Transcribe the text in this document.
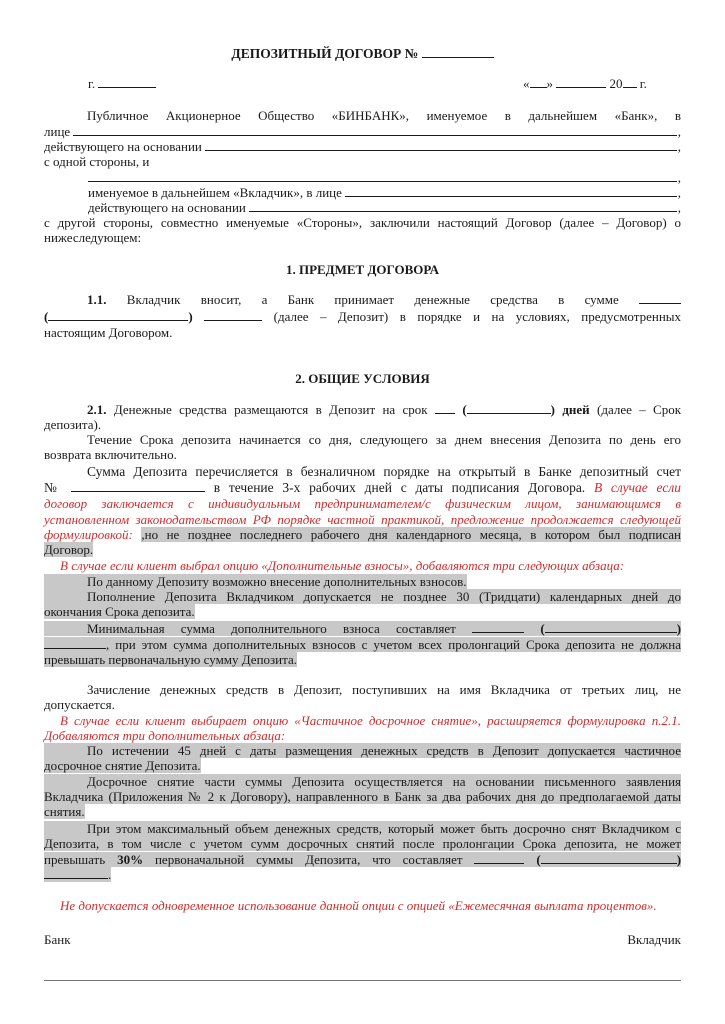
ДЕПОЗИТНЫЙ ДОГОВОР №
г.	« »	20 г.
Публичное Акционерное Общество «БИНБАНК», именуемое в дальнейшем «Банк», в
лице	,
действующего на основании	,
с одной стороны, и
,
именуемое в дальнейшем «Вкладчик», в лице	,
действующего на основании	,
с другой стороны, совместно именуемые «Стороны», заключили настоящий Договор (далее – Договор) о
нижеследующем:
1. ПРЕДМЕТ ДОГОВОРА
1.1. Вкладчик вносит, а Банк принимает денежные средства в сумме
(	)	(далее – Депозит) в порядке и на условиях, предусмотренных
настоящим Договором.
2. ОБЩИЕ УСЛОВИЯ
2.1. Денежные средства размещаются в Депозит на срок	(	) дней (далее – Срок
депозита).
Течение Срока депозита начинается со дня, следующего за днем внесения Депозита по день его
возврата включительно.
Сумма Депозита перечисляется в безналичном порядке на открытый в Банке депозитный счет
№	в течение 3-х рабочих дней с даты подписания Договора. В случае если
договор заключается с индивидуальным предпринимателем/с физическим лицом, занимающимся в
установленном законодательством РФ порядке частной практикой, предложение продолжается следующей
формулировкой: ,но не позднее последнего рабочего дня календарного месяца, в котором был подписан
Договор.
В случае если клиент выбрал опцию «Дополнительные взносы», добавляются три следующих абзаца:
По данному Депозиту возможно внесение дополнительных взносов.
Пополнение Депозита Вкладчиком допускается не позднее 30 (Тридцати) календарных дней до
окончания Срока депозита.
Минимальная сумма дополнительного взноса составляет	(	)
, при этом сумма дополнительных взносов с учетом всех пролонгаций Срока депозита не должна
превышать первоначальную сумму Депозита.
Зачисление денежных средств в Депозит, поступивших на имя Вкладчика от третьих лиц, не
допускается.
В случае если клиент выбирает опцию «Частичное досрочное снятие», расширяется формулировка п.2.1.
Добавляются три дополнительных абзаца:
По истечении 45 дней с даты размещения денежных средств в Депозит допускается частичное
досрочное снятие Депозита.
Досрочное снятие части суммы Депозита осуществляется на основании письменного заявления
Вкладчика (Приложения № 2 к Договору), направленного в Банк за два рабочих дня до предполагаемой даты
снятия.
При этом максимальный объем денежных средств, который может быть досрочно снят Вкладчиком с
Депозита, в том числе с учетом сумм досрочных снятий после пролонгации Срока депозита, не может
превышать 30% первоначальной суммы Депозита, что составляет	(	)
.
Не допускается одновременное использование данной опции с опцией «Ежемесячная выплата процентов».
Банк	Вкладчик
